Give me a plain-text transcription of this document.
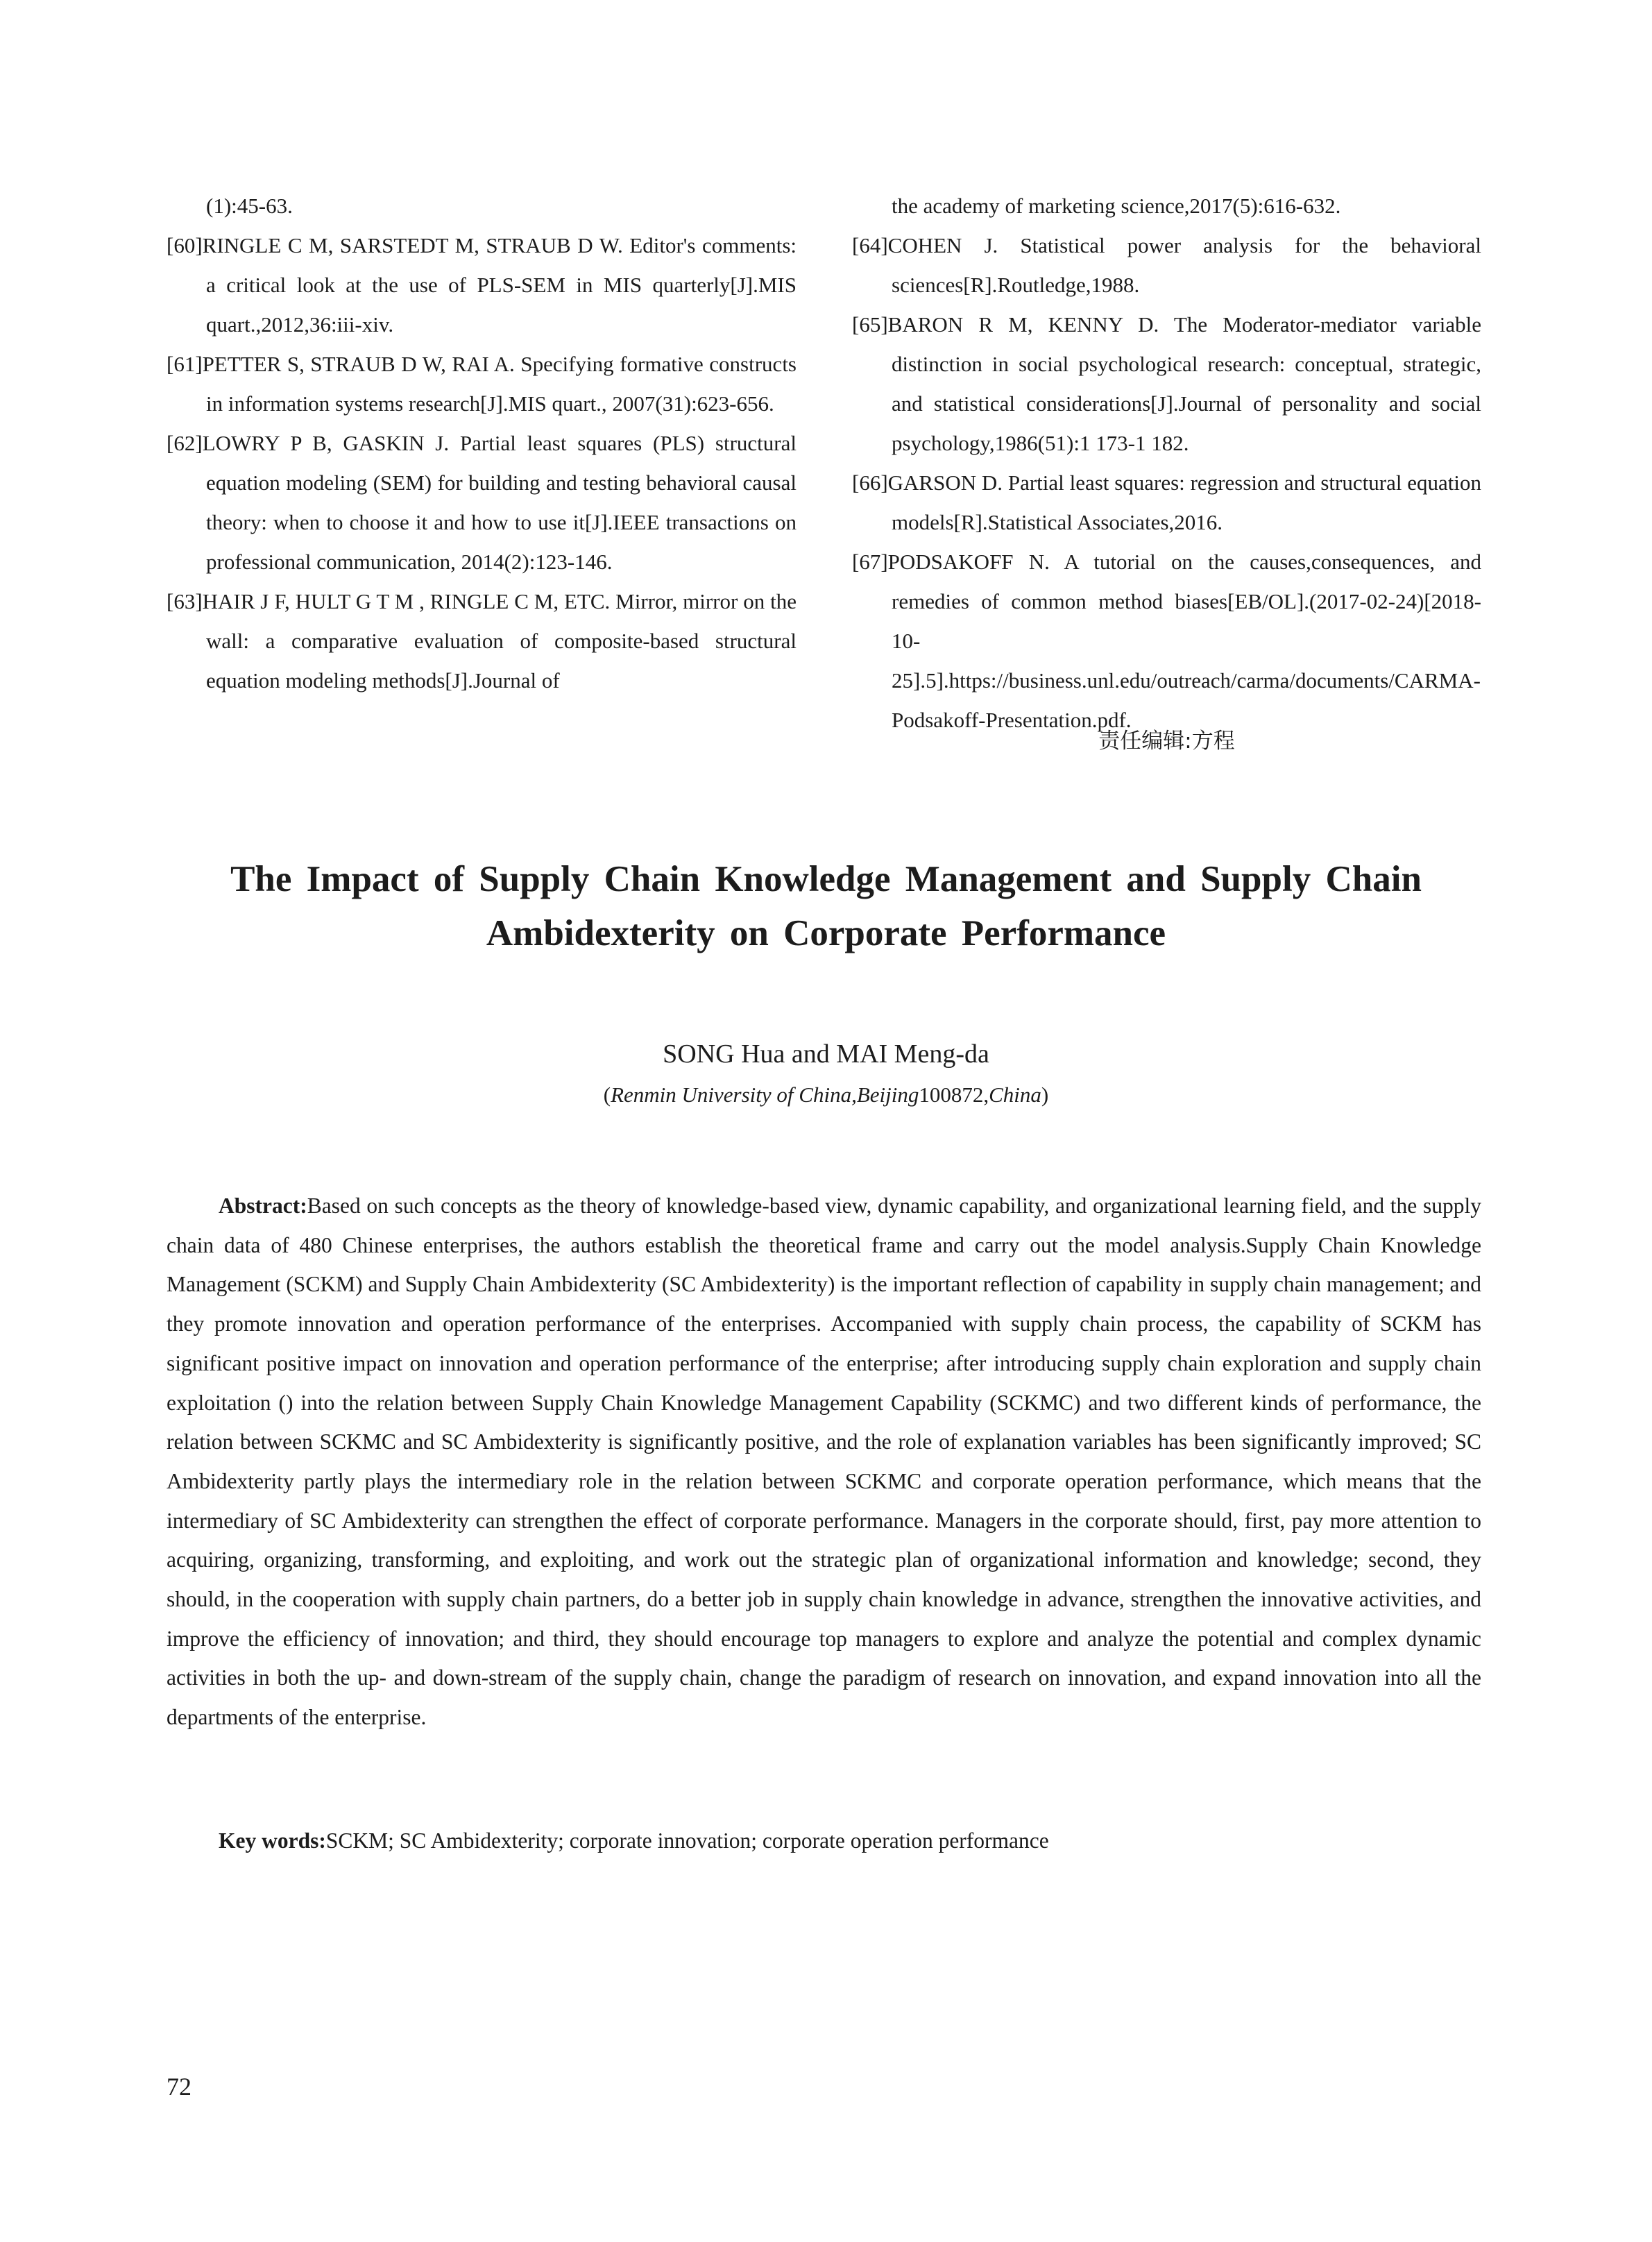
(1):45-63.

[60]RINGLE C M, SARSTEDT M, STRAUB D W. Editor's comments: a critical look at the use of PLS-SEM in MIS quarterly[J].MIS quart.,2012,36:iii-xiv.

[61]PETTER S, STRAUB D W, RAI A. Specifying formative constructs in information systems research[J].MIS quart., 2007(31):623-656.

[62]LOWRY P B, GASKIN J. Partial least squares (PLS) structural equation modeling (SEM) for building and testing behavioral causal theory: when to choose it and how to use it[J].IEEE transactions on professional communication, 2014(2):123-146.

[63]HAIR J F, HULT G T M , RINGLE C M, ETC. Mirror, mirror on the wall: a comparative evaluation of composite-based structural equation modeling methods[J].Journal of

the academy of marketing science,2017(5):616-632.

[64]COHEN J. Statistical power analysis for the behavioral sciences[R].Routledge,1988.

[65]BARON R M, KENNY D. The Moderator-mediator variable distinction in social psychological research: conceptual, strategic, and statistical considerations[J].Journal of personality and social psychology,1986(51):1 173-1 182.

[66]GARSON D. Partial least squares: regression and structural equation models[R].Statistical Associates,2016.

[67]PODSAKOFF N. A tutorial on the causes,consequences, and remedies of common method biases[EB/OL].(2017-02-24)[2018-10-25].5].https://business.unl.edu/outreach/carma/documents/CARMA-Podsakoff-Presentation.pdf.

责任编辑:方程
The Impact of Supply Chain Knowledge Management and Supply Chain
Ambidexterity on Corporate Performance
SONG Hua and MAI Meng-da
(Renmin University of China,Beijing100872,China)

Abstract:Based on such concepts as the theory of knowledge-based view, dynamic capability, and organizational learning field, and the supply chain data of 480 Chinese enterprises, the authors establish the theoretical frame and carry out the model analysis.Supply Chain Knowledge Management (SCKM) and Supply Chain Ambidexterity (SC Ambidexterity) is the important reflection of capability in supply chain management; and they promote innovation and operation performance of the enterprises. Accompanied with supply chain process, the capability of SCKM has significant positive impact on innovation and operation performance of the enterprise; after introducing supply chain exploration and supply chain exploitation () into the relation between Supply Chain Knowledge Management Capability (SCKMC) and two different kinds of performance, the relation between SCKMC and SC Ambidexterity is significantly positive, and the role of explanation variables has been significantly improved; SC Ambidexterity partly plays the intermediary role in the relation between SCKMC and corporate operation performance, which means that the intermediary of SC Ambidexterity can strengthen the effect of corporate performance. Managers in the corporate should, first, pay more attention to acquiring, organizing, transforming, and exploiting, and work out the strategic plan of organizational information and knowledge; second, they should, in the cooperation with supply chain partners, do a better job in supply chain knowledge in advance, strengthen the innovative activities, and improve the efficiency of innovation; and third, they should encourage top managers to explore and analyze the potential and complex dynamic activities in both the up- and down-stream of the supply chain, change the paradigm of research on innovation, and expand innovation into all the departments of the enterprise.

Key words:SCKM; SC Ambidexterity; corporate innovation; corporate operation performance

72
